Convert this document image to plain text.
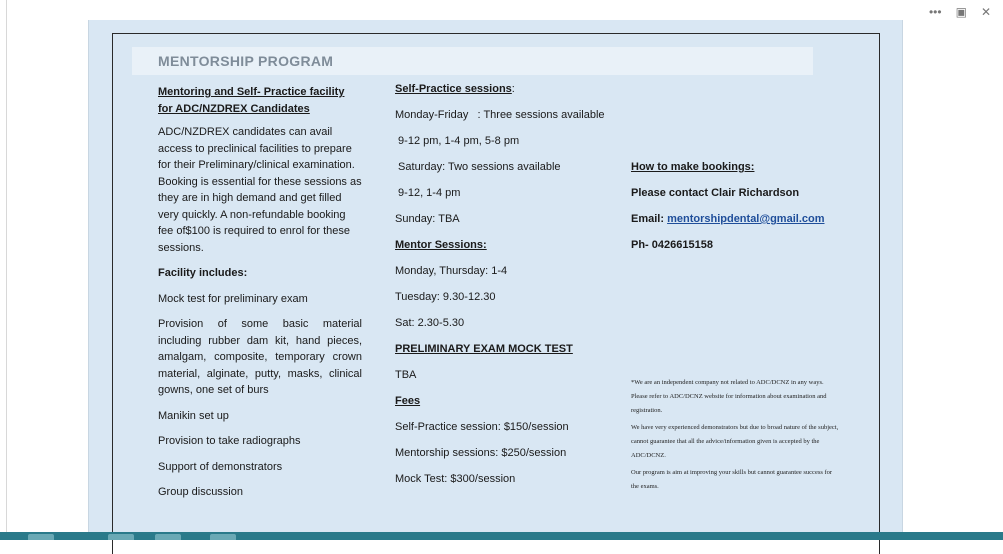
••• ▣ ✕
MENTORSHIP PROGRAM

Mentoring and Self- Practice facility for ADC/NZDREX Candidates

ADC/NZDREX candidates can avail access to preclinical facilities to prepare for their Preliminary/clinical examination. Booking is essential for these sessions as they are in high demand and get filled very quickly. A non-refundable booking fee of$100 is required to enrol for these sessions.

Facility includes:

Mock test for preliminary exam

Provision of some basic material including rubber dam kit, hand pieces, amalgam, composite, temporary crown material, alginate, putty, masks, clinical gowns, one set of burs

Manikin set up

Provision to take radiographs

Support of demonstrators

Group discussion

Self-Practice sessions:

Monday-Friday   : Three sessions available

9-12 pm, 1-4 pm, 5-8 pm

Saturday: Two sessions available

9-12, 1-4 pm

Sunday: TBA

Mentor Sessions:

Monday, Thursday: 1-4

Tuesday: 9.30-12.30

Sat: 2.30-5.30

PRELIMINARY EXAM MOCK TEST

TBA

Fees

Self-Practice session: $150/session

Mentorship sessions: $250/session

Mock Test: $300/session

How to make bookings:

Please contact Clair Richardson

Email: mentorshipdental@gmail.com

Ph- 0426615158

*We are an independent company not related to ADC/DCNZ in any ways. Please refer to ADC/DCNZ website for information about examination and registration.

We have very experienced demonstrators but due to broad nature of the subject, cannot guarantee that all the advice/information given is accepted by the ADC/DCNZ.

Our program is aim at improving your skills but cannot guarantee success for the exams.
